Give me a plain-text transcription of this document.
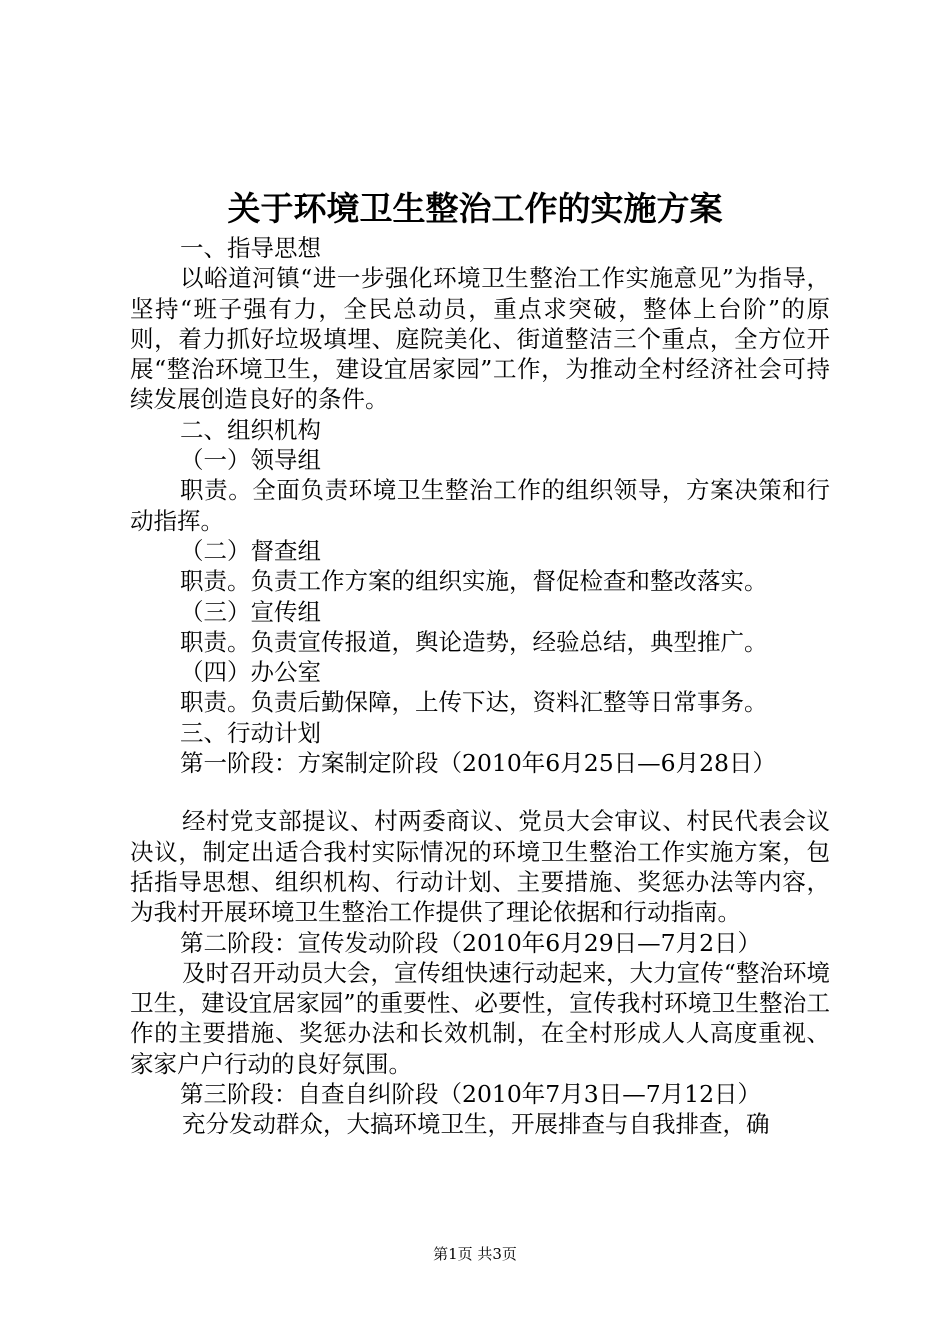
关于环境卫生整治工作的实施方案

一、指导思想

以峪道河镇“进一步强化环境卫生整治工作实施意见”为指导，坚持“班子强有力，全民总动员，重点求突破，整体上台阶”的原则，着力抓好垃圾填埋、庭院美化、街道整洁三个重点，全方位开展“整治环境卫生，建设宜居家园”工作，为推动全村经济社会可持续发展创造良好的条件。

二、组织机构

（一）领导组

职责。全面负责环境卫生整治工作的组织领导，方案决策和行动指挥。

（二）督查组

职责。负责工作方案的组织实施，督促检查和整改落实。

（三）宣传组

职责。负责宣传报道，舆论造势，经验总结，典型推广。

（四）办公室

职责。负责后勤保障，上传下达，资料汇整等日常事务。

三、行动计划

第一阶段：方案制定阶段（2010年6月25日—6月28日）

经村党支部提议、村两委商议、党员大会审议、村民代表会议决议，制定出适合我村实际情况的环境卫生整治工作实施方案，包括指导思想、组织机构、行动计划、主要措施、奖惩办法等内容，为我村开展环境卫生整治工作提供了理论依据和行动指南。

第二阶段：宣传发动阶段（2010年6月29日—7月2日）

及时召开动员大会，宣传组快速行动起来，大力宣传“整治环境卫生，建设宜居家园”的重要性、必要性，宣传我村环境卫生整治工作的主要措施、奖惩办法和长效机制，在全村形成人人高度重视、家家户户行动的良好氛围。

第三阶段：自查自纠阶段（2010年7月3日—7月12日）

充分发动群众，大搞环境卫生，开展排查与自我排查，确

第1页 共3页
